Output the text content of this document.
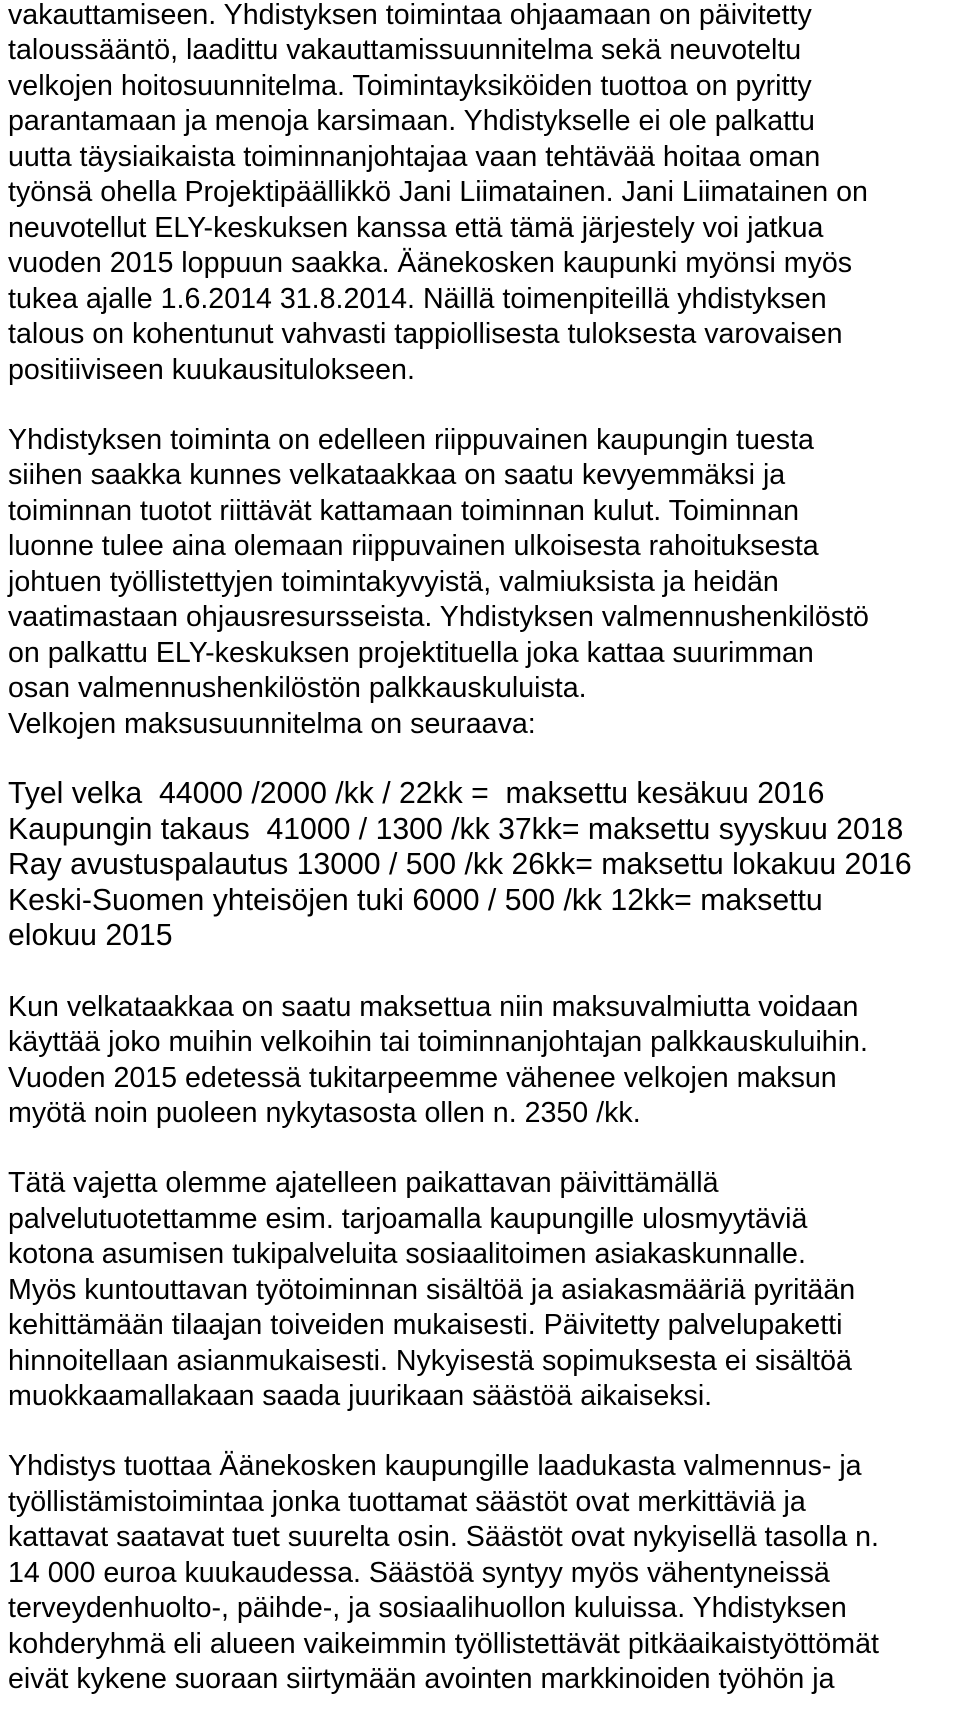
vakauttamiseen. Yhdistyksen toimintaa ohjaamaan on päivitetty
taloussääntö, laadittu vakauttamissuunnitelma sekä neuvoteltu
velkojen hoitosuunnitelma. Toimintayksiköiden tuottoa on pyritty
parantamaan ja menoja karsimaan. Yhdistykselle ei ole palkattu
uutta täysiaikaista toiminnanjohtajaa vaan tehtävää hoitaa oman
työnsä ohella Projektipäällikkö Jani Liimatainen. Jani Liimatainen on
neuvotellut ELY-keskuksen kanssa että tämä järjestely voi jatkua
vuoden 2015 loppuun saakka. Äänekosken kaupunki myönsi myös
tukea ajalle 1.6.2014 31.8.2014. Näillä toimenpiteillä yhdistyksen
talous on kohentunut vahvasti tappiollisesta tuloksesta varovaisen
positiiviseen kuukausitulokseen.
Yhdistyksen toiminta on edelleen riippuvainen kaupungin tuesta
siihen saakka kunnes velkataakkaa on saatu kevyemmäksi ja
toiminnan tuotot riittävät kattamaan toiminnan kulut. Toiminnan
luonne tulee aina olemaan riippuvainen ulkoisesta rahoituksesta
johtuen työllistettyjen toimintakyvyistä, valmiuksista ja heidän
vaatimastaan ohjausresursseista. Yhdistyksen valmennushenkilöstö
on palkattu ELY-keskuksen projektituella joka kattaa suurimman
osan valmennushenkilöstön palkkauskuluista.
Velkojen maksusuunnitelma on seuraava:
Tyel velka  44000 /2000 /kk / 22kk =  maksettu kesäkuu 2016
Kaupungin takaus  41000 / 1300 /kk 37kk= maksettu syyskuu 2018
Ray avustuspalautus 13000 / 500 /kk 26kk= maksettu lokakuu 2016
Keski-Suomen yhteisöjen tuki 6000 / 500 /kk 12kk= maksettu
elokuu 2015
Kun velkataakkaa on saatu maksettua niin maksuvalmiutta voidaan
käyttää joko muihin velkoihin tai toiminnanjohtajan palkkauskuluihin.
Vuoden 2015 edetessä tukitarpeemme vähenee velkojen maksun
myötä noin puoleen nykytasosta ollen n. 2350 /kk.
Tätä vajetta olemme ajatelleen paikattavan päivittämällä
palvelutuotettamme esim. tarjoamalla kaupungille ulosmyytäviä
kotona asumisen tukipalveluita sosiaalitoimen asiakaskunnalle.
Myös kuntouttavan työtoiminnan sisältöä ja asiakasmääriä pyritään
kehittämään tilaajan toiveiden mukaisesti. Päivitetty palvelupaketti
hinnoitellaan asianmukaisesti. Nykyisestä sopimuksesta ei sisältöä
muokkaamallakaan saada juurikaan säästöä aikaiseksi.
Yhdistys tuottaa Äänekosken kaupungille laadukasta valmennus- ja
työllistämistoimintaa jonka tuottamat säästöt ovat merkittäviä ja
kattavat saatavat tuet suurelta osin. Säästöt ovat nykyisellä tasolla n.
14 000 euroa kuukaudessa. Säästöä syntyy myös vähentyneissä
terveydenhuolto-, päihde-, ja sosiaalihuollon kuluissa. Yhdistyksen
kohderyhmä eli alueen vaikeimmin työllistettävät pitkäaikaistyöttömät
eivät kykene suoraan siirtymään avointen markkinoiden työhön ja
